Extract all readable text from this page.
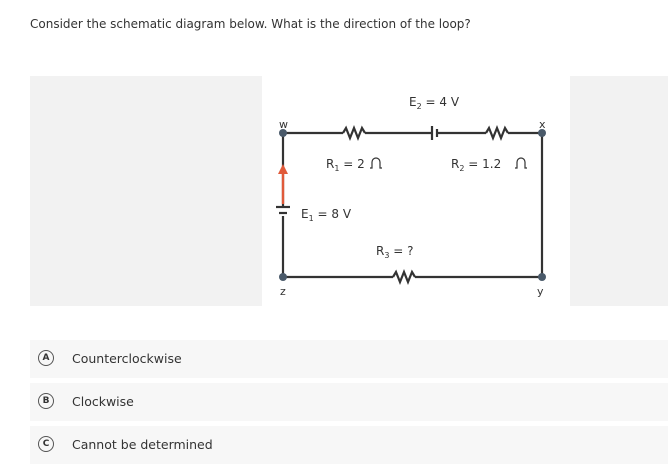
Consider the schematic diagram below. What is the direction of the loop?
w	x
z	y
$E_2 = 4$ V
$R_1 = 2$	$R_2 = 1.2$
$E_1 = 8$ V
$R_3$ = ?
A	Counterclockwise
B	Clockwise
C	Cannot be determined
